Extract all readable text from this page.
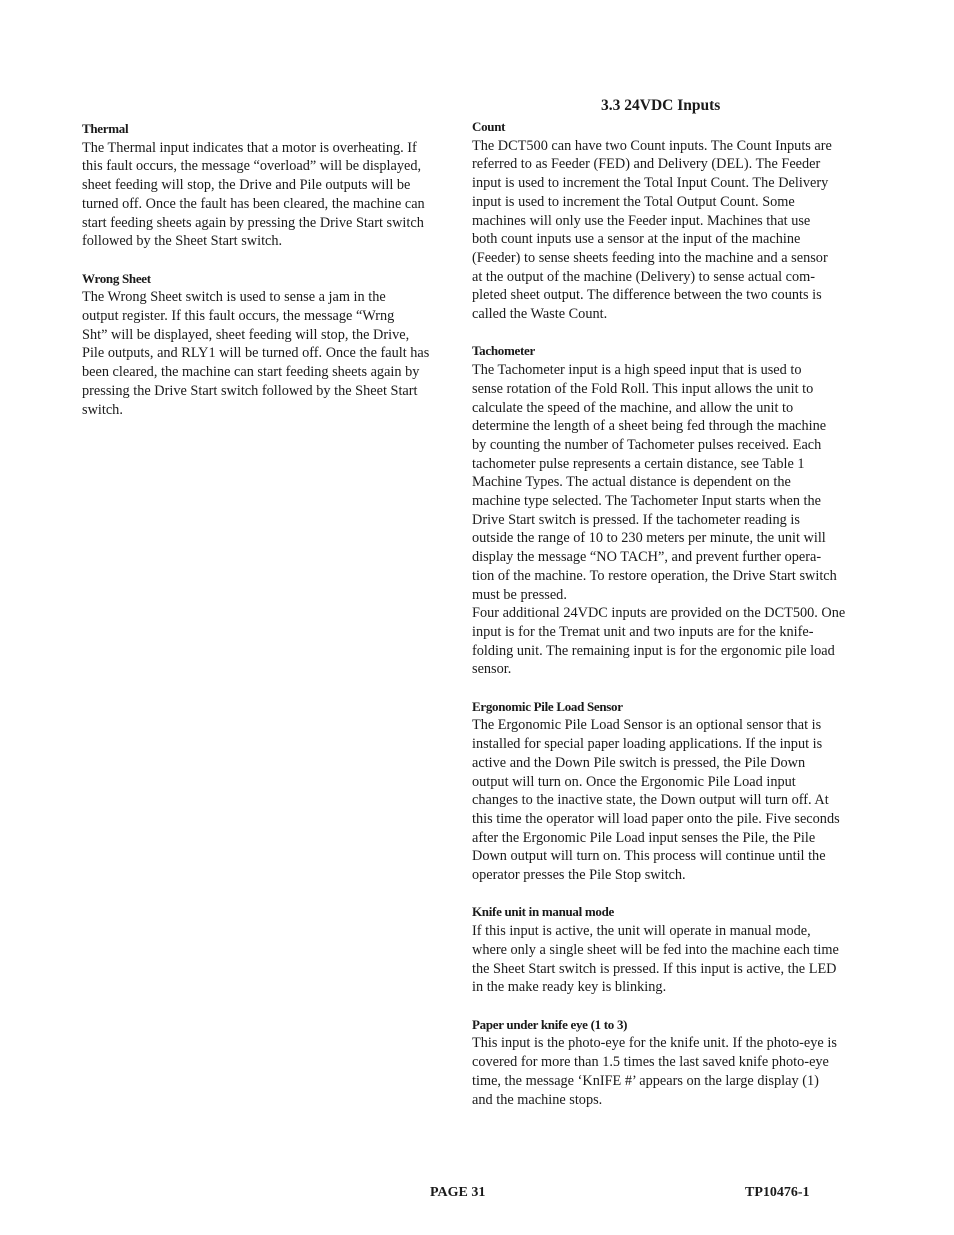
3.3 24VDC Inputs
Thermal
The Thermal input indicates that a motor is overheating. If
this fault occurs, the message “overload” will be displayed,
sheet feeding will stop, the Drive and Pile outputs will be
turned off. Once the fault has been cleared, the machine can
start feeding sheets again by pressing the Drive Start switch
followed by the Sheet Start switch.
Wrong Sheet
The Wrong Sheet switch is used to sense a jam in the
output register. If this fault occurs, the message “Wrng
Sht” will be displayed, sheet feeding will stop, the Drive,
Pile outputs, and RLY1 will be turned off. Once the fault has
been cleared, the machine can start feeding sheets again by
pressing the Drive Start switch followed by the Sheet Start
switch.
Count
The DCT500 can have two Count inputs. The Count Inputs are
referred to as Feeder (FED) and Delivery (DEL). The Feeder
input is used to increment the Total Input Count. The Delivery
input is used to increment the Total Output Count. Some
machines will only use the Feeder input. Machines that use
both count inputs use a sensor at the input of the machine
(Feeder) to sense sheets feeding into the machine and a sensor
at the output of the machine (Delivery) to sense actual com-
pleted sheet output. The difference between the two counts is
called the Waste Count.
Tachometer
The Tachometer input is a high speed input that is used to
sense rotation of the Fold Roll. This input allows the unit to
calculate the speed of the machine, and allow the unit to
determine the length of a sheet being fed through the machine
by counting the number of Tachometer pulses received. Each
tachometer pulse represents a certain distance, see Table 1
Machine Types. The actual distance is dependent on the
machine type selected. The Tachometer Input starts when the
Drive Start switch is pressed. If the tachometer reading is
outside the range of 10 to 230 meters per minute, the unit will
display the message “NO TACH”, and prevent further opera-
tion of the machine. To restore operation, the Drive Start switch
must be pressed.
Four additional 24VDC inputs are provided on the DCT500. One
input is for the Tremat unit and two inputs are for the knife-
folding unit. The remaining input is for the ergonomic pile load
sensor.
Ergonomic Pile Load Sensor
The Ergonomic Pile Load Sensor is an optional sensor that is
installed for special paper loading applications. If the input is
active and the Down Pile switch is pressed, the Pile Down
output will turn on. Once the Ergonomic Pile Load input
changes to the inactive state, the Down output will turn off. At
this time the operator will load paper onto the pile. Five seconds
after the Ergonomic Pile Load input senses the Pile, the Pile
Down output will turn on. This process will continue until the
operator presses the Pile Stop switch.
Knife unit in manual mode
If this input is active, the unit will operate in manual mode,
where only a single sheet will be fed into the machine each time
the Sheet Start switch is pressed. If this input is active, the LED
in the make ready key is blinking.
Paper under knife eye (1 to 3)
This input is the photo-eye for the knife unit. If the photo-eye is
covered for more than 1.5 times the last saved knife photo-eye
time, the message ‘KnIFE #’ appears on the large display (1)
and the machine stops.
PAGE 31	TP10476-1
